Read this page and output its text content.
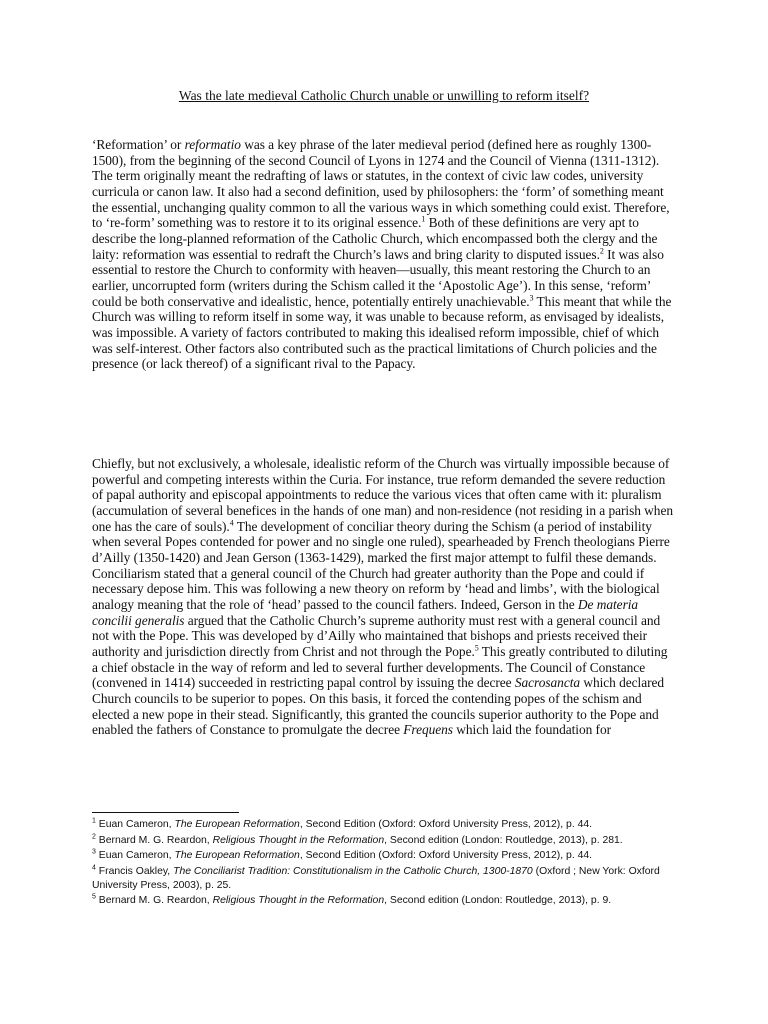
Was the late medieval Catholic Church unable or unwilling to reform itself?

‘Reformation’ or reformatio was a key phrase of the later medieval period (defined here as roughly 1300-1500), from the beginning of the second Council of Lyons in 1274 and the Council of Vienna (1311-1312). The term originally meant the redrafting of laws or statutes, in the context of civic law codes, university curricula or canon law. It also had a second definition, used by philosophers: the ‘form’ of something meant the essential, unchanging quality common to all the various ways in which something could exist. Therefore, to ‘re-form’ something was to restore it to its original essence.$^1$ Both of these definitions are very apt to describe the long-planned reformation of the Catholic Church, which encompassed both the clergy and the laity: reformation was essential to redraft the Church’s laws and bring clarity to disputed issues.$^2$ It was also essential to restore the Church to conformity with heaven—usually, this meant restoring the Church to an earlier, uncorrupted form (writers during the Schism called it the ‘Apostolic Age’). In this sense, ‘reform’ could be both conservative and idealistic, hence, potentially entirely unachievable.$^3$ This meant that while the Church was willing to reform itself in some way, it was unable to because reform, as envisaged by idealists, was impossible. A variety of factors contributed to making this idealised reform impossible, chief of which was self-interest. Other factors also contributed such as the practical limitations of Church policies and the presence (or lack thereof) of a significant rival to the Papacy.

Chiefly, but not exclusively, a wholesale, idealistic reform of the Church was virtually impossible because of powerful and competing interests within the Curia. For instance, true reform demanded the severe reduction of papal authority and episcopal appointments to reduce the various vices that often came with it: pluralism (accumulation of several benefices in the hands of one man) and non-residence (not residing in a parish when one has the care of souls).$^4$ The development of conciliar theory during the Schism (a period of instability when several Popes contended for power and no single one ruled), spearheaded by French theologians Pierre d’Ailly (1350-1420) and Jean Gerson (1363-1429), marked the first major attempt to fulfil these demands. Conciliarism stated that a general council of the Church had greater authority than the Pope and could if necessary depose him. This was following a new theory on reform by ‘head and limbs’, with the biological analogy meaning that the role of ‘head’ passed to the council fathers. Indeed, Gerson in the De materia concilii generalis argued that the Catholic Church’s supreme authority must rest with a general council and not with the Pope. This was developed by d’Ailly who maintained that bishops and priests received their authority and jurisdiction directly from Christ and not through the Pope.$^5$ This greatly contributed to diluting a chief obstacle in the way of reform and led to several further developments. The Council of Constance (convened in 1414) succeeded in restricting papal control by issuing the decree Sacrosancta which declared Church councils to be superior to popes. On this basis, it forced the contending popes of the schism and elected a new pope in their stead. Significantly, this granted the councils superior authority to the Pope and enabled the fathers of Constance to promulgate the decree Frequens which laid the foundation for

$^1$ Euan Cameron, The European Reformation, Second Edition (Oxford: Oxford University Press, 2012), p. 44.
$^2$ Bernard M. G. Reardon, Religious Thought in the Reformation, Second edition (London: Routledge, 2013), p. 281.
$^3$ Euan Cameron, The European Reformation, Second Edition (Oxford: Oxford University Press, 2012), p. 44.
$^4$ Francis Oakley, The Conciliarist Tradition: Constitutionalism in the Catholic Church, 1300-1870 (Oxford ; New York: Oxford University Press, 2003), p. 25.
$^5$ Bernard M. G. Reardon, Religious Thought in the Reformation, Second edition (London: Routledge, 2013), p. 9.
